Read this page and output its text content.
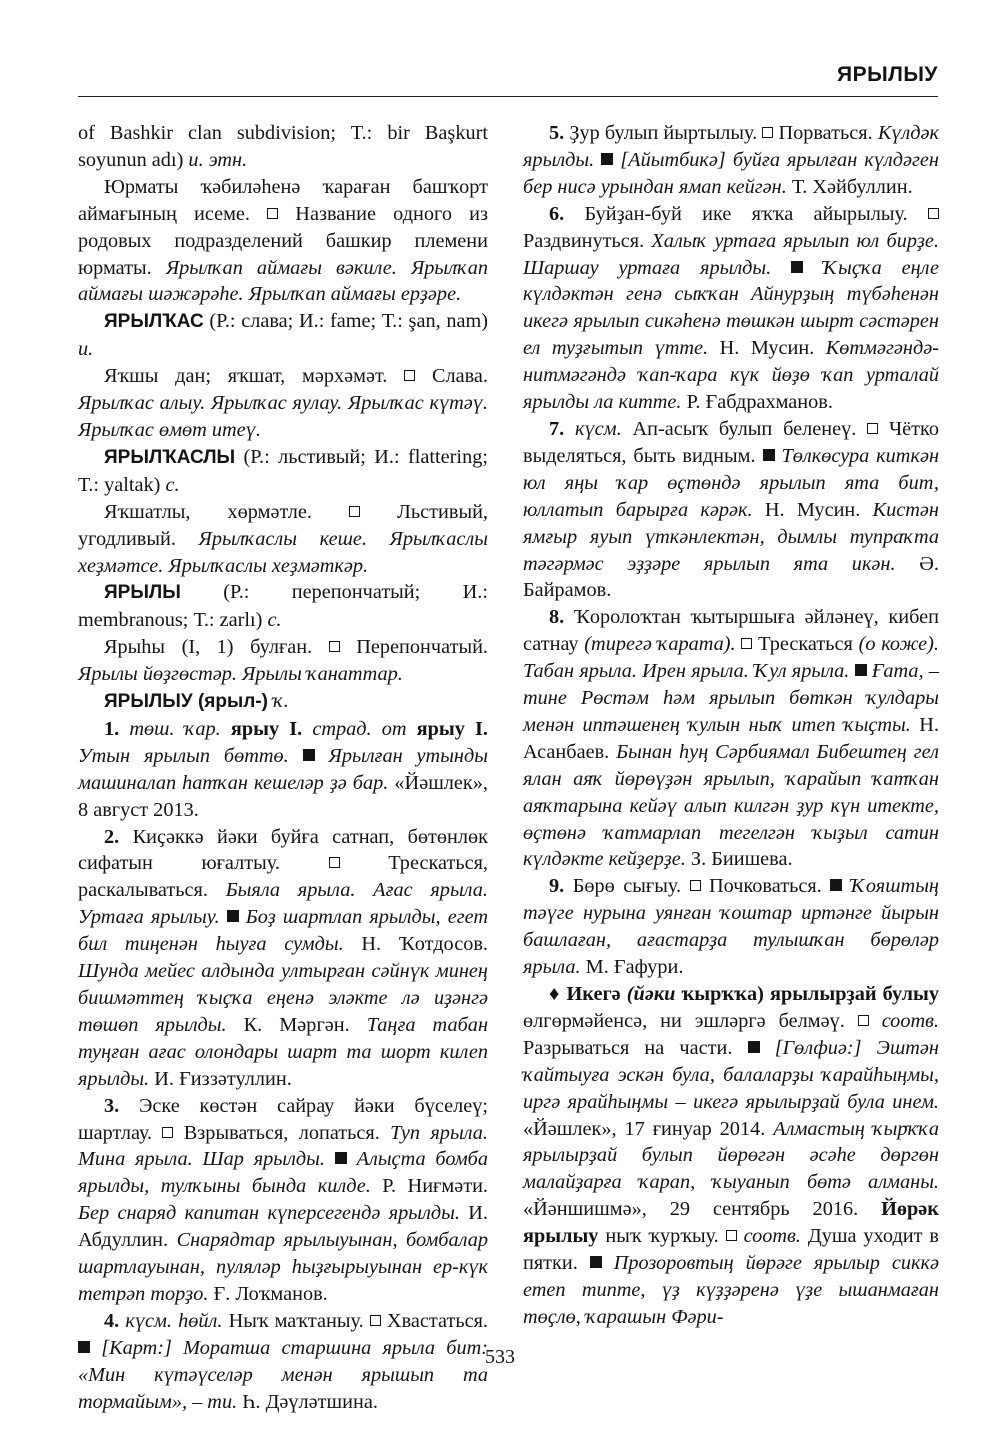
ЯРЫЛЫУ

of Bashkir clan subdivision; T.: bir Başkurt soyunun adı) u. этн.

Юрматы ҡәбиләһенә ҡараған башҡорт аймағының исеме.  Название одного из родовых подразделений башкир племени юрматы. Ярылҡап аймағы вәкиле. Ярылҡап аймағы шәжәрәһе. Ярылҡап аймағы ерҙәре.

ЯРЫЛҠАС (Р.: слава; И.: fame; Т.: şan, nam) u.

Яҡшы дан; яҡшат, мәрхәмәт.  Слава. Ярылҡас алыу. Ярылҡас яулау. Ярылҡас күтәү. Ярылҡас өмөт итеү.

ЯРЫЛҠАСЛЫ (Р.: льстивый; И.: flattering; Т.: yaltak) с.

Яҡшатлы, хөрмәтле.  Льстивый, угодливый. Ярылҡаслы кеше. Ярылҡаслы хеҙмәтсе. Ярылҡаслы хеҙмәткәр.

ЯРЫЛЫ (Р.: перепончатый; И.: membranous; Т.: zarlı) с.

Ярыһы (I, 1) булған.  Перепончатый. Ярылы йөҙгөстәр. Ярылы ҡанаттар.

ЯРЫЛЫУ (ярыл-) ҡ.

1. төш. ҡар. ярыу I. страд. от ярыу I. Утын ярылып бөттө. Ярылған утынды машиналап һатҡан кешеләр ҙә бар. «Йәшлек», 8 август 2013.

2. Киҫәккә йәки буйға сатнап, бөтөнлөк сифатын юғалтыу.  Трескаться, раскалываться. Быяла ярыла. Ағас ярыла. Уртаға ярылыу. Боҙ шартлап ярылды, егет бил тиңенән һыуға сумды. Н. Ҡотдосов. Шунда мейес алдында ултырған сәйнүк минең бишмәттең ҡыҫҡа еңенә эләкте лә иҙәнгә төшөп ярылды. К. Мәргән. Таңға табан туңған ағас олондары шарт та шорт килеп ярылды. И. Ғиззәтуллин.

3. Эске көстән сайрау йәки бүселеү; шартлау.  Взрываться, лопаться. Туп ярыла. Мина ярыла. Шар ярылды. Алыҫта бомба ярылды, тулҡыны бында килде. Р. Ниғмәти. Бер снаряд капитан күперсегендә ярылды. И. Абдуллин. Снарядтар ярылыуынан, бомбалар шартлауынан, пуляләр һыҙғырыуынан ер-күк тетрәп торҙо. Ғ. Лоҡманов.

4. күсм. һөйл. Ныҡ маҡтаныу.  Хвастаться.  [Карт:] Моратша старшина ярыла бит: «Мин күтәүселәр менән ярышып та тормайым», – ти. Һ. Дәүләтшина.

5. Ҙур булып йыртылыу.  Порваться. Күлдәк ярылды. [Айытбикә] буйға ярылған күлдәген бер нисә урындан ямап кейгән. Т. Хәйбуллин.

6. Буйҙан-буй ике яҡҡа айырылыу.  Раздвинуться. Халыҡ уртаға ярылып юл бирҙе. Шаршау уртаға ярылды.	Ҡыҫҡа еңле күлдәктән генә сыҡҡан Айнурҙың түбәһенән икегә ярылып сикәһенә төшкән шырт сәстәрен ел туҙғытып үтте. Н. Мусин. Көтмәгәндә-нитмәгәндә ҡап-ҡара күк йөҙө ҡап урталай ярылды ла китте. Р. Ғабдрахманов.

7. күсм. Ап-асыҡ булып беленеү.  Чётко выделяться, быть видным.  Төлкөсура киткән юл яңы ҡар өҫтөндә ярылып ята бит, юллатып барырға кәрәк. Н. Мусин. Кистән ямғыр яуып үткәнлектән, дымлы тупраҡта тәгәрмәс эҙҙәре ярылып ята икән. Ә. Байрамов.

8. Ҡоролоҡтан ҡытыршыға әйләнеү, кибеп сатнау (тирегә ҡарата).  Трескаться (о коже). Табан ярыла. Ирен ярыла. Ҡул ярыла. Ғата, – тине Рөстәм һәм ярылып бөткән ҡулдары менән иптәшенең ҡулын ныҡ итеп ҡыҫты. Н. Асанбаев. Бынан һуң Сәрбиямал Бибештең гел ялан аяҡ йөрөүҙән ярылып, ҡарайып ҡатҡан аяҡтарына кейәү алып килгән ҙур күн итекте, өҫтөнә ҡатмарлап тегелгән ҡыҙыл сатин күлдәкте кейҙерҙе. З. Биишева.

9. Бөрө сығыу.  Почковаться.  Ҡояштың тәүге нурына уянған ҡоштар иртәнге йырын башлаған, ағастарҙа тулышҡан бөрөләр ярыла. М. Ғафури.

♦ Икегә (йәки ҡырҡҡа) ярылырҙай булыу өлгөрмәйенсә, ни эшләргә белмәү.  соотв. Разрываться на части.  [Гөлфиә:] Эштән ҡайтыуға эскән була, балаларҙы ҡарайһыңмы, иргә ярайһыңмы – икегә ярылырҙай була инем. «Йәшлек», 17 ғинуар 2014. Алмастың ҡырҡҡа ярылырҙай булып йөрөгән әсәһе дөргөн малайҙарға ҡарап, ҡыуанып бөтә алманы. «Йәншишмә», 29 сентябрь 2016. Йөрәк ярылыу ныҡ ҡурҡыу.  соотв. Душа уходит в пятки.  Прозоровтың йөрәге ярылыр сиккә етеп типте, үҙ күҙҙәренә үҙе ышанмаған төҫлө, ҡарашын Фәри-

533
